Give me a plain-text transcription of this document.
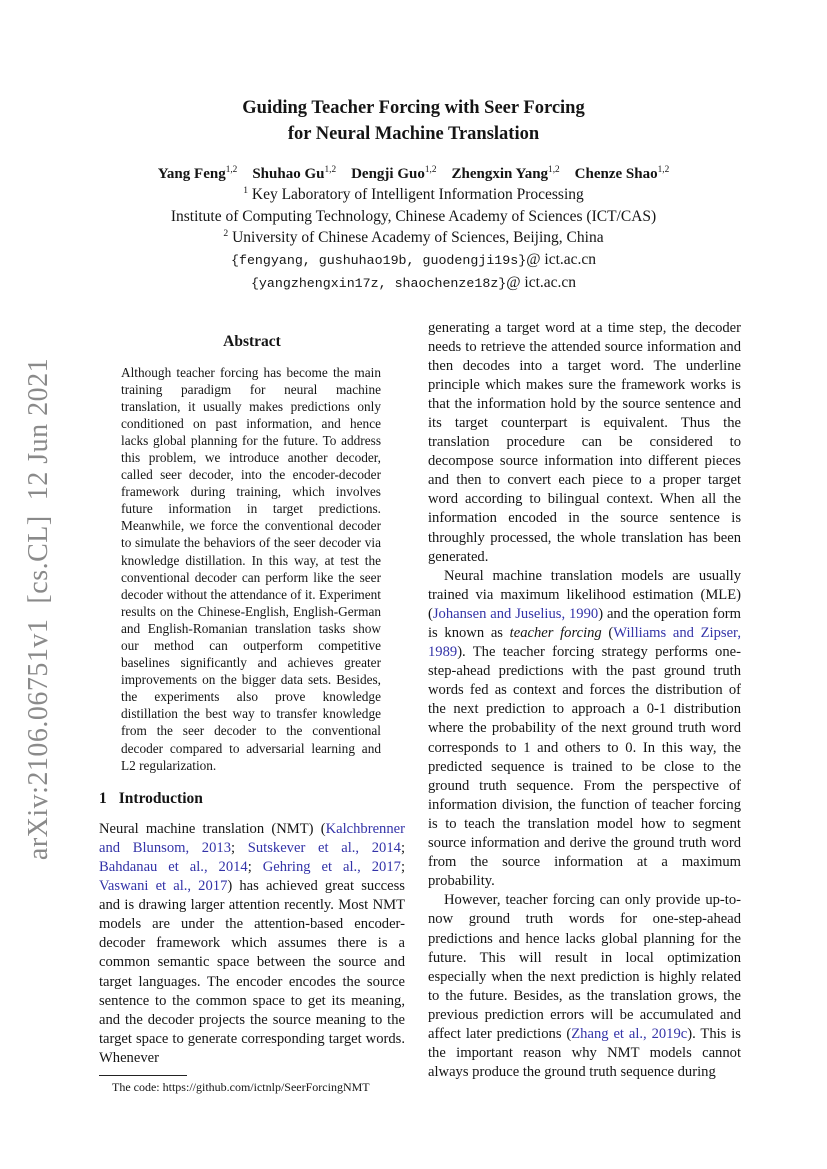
arXiv:2106.06751v1  [cs.CL]  12 Jun 2021
Guiding Teacher Forcing with Seer Forcing
for Neural Machine Translation
Yang Feng$^{1,2}$ Shuhao Gu$^{1,2}$ Dengji Guo$^{1,2}$ Zhengxin Yang$^{1,2}$ Chenze Shao$^{1,2}$
$^1$ Key Laboratory of Intelligent Information Processing
Institute of Computing Technology, Chinese Academy of Sciences (ICT/CAS)
$^2$ University of Chinese Academy of Sciences, Beijing, China
{fengyang, gushuhao19b, guodengji19s}@ ict.ac.cn
{yangzhengxin17z, shaochenze18z}@ ict.ac.cn
Abstract
Although teacher forcing has become the main training paradigm for neural machine translation, it usually makes predictions only conditioned on past information, and hence lacks global planning for the future. To address this problem, we introduce another decoder, called seer decoder, into the encoder-decoder framework during training, which involves future information in target predictions. Meanwhile, we force the conventional decoder to simulate the behaviors of the seer decoder via knowledge distillation. In this way, at test the conventional decoder can perform like the seer decoder without the attendance of it. Experiment results on the Chinese-English, English-German and English-Romanian translation tasks show our method can outperform competitive baselines significantly and achieves greater improvements on the bigger data sets. Besides, the experiments also prove knowledge distillation the best way to transfer knowledge from the seer decoder to the conventional decoder compared to adversarial learning and L2 regularization.
1 Introduction

Neural machine translation (NMT) (Kalchbrenner and Blunsom, 2013; Sutskever et al., 2014; Bahdanau et al., 2014; Gehring et al., 2017; Vaswani et al., 2017) has achieved great success and is drawing larger attention recently. Most NMT models are under the attention-based encoder-decoder framework which assumes there is a common semantic space between the source and target languages. The encoder encodes the source sentence to the common space to get its meaning, and the decoder projects the source meaning to the target space to generate corresponding target words. Whenever

The code: https://github.com/ictnlp/SeerForcingNMT

generating a target word at a time step, the decoder needs to retrieve the attended source information and then decodes into a target word. The underline principle which makes sure the framework works is that the information hold by the source sentence and its target counterpart is equivalent. Thus the translation procedure can be considered to decompose source information into different pieces and then to convert each piece to a proper target word according to bilingual context. When all the information encoded in the source sentence is throughly processed, the whole translation has been generated.

Neural machine translation models are usually trained via maximum likelihood estimation (MLE) (Johansen and Juselius, 1990) and the operation form is known as teacher forcing (Williams and Zipser, 1989). The teacher forcing strategy performs one-step-ahead predictions with the past ground truth words fed as context and forces the distribution of the next prediction to approach a 0-1 distribution where the probability of the next ground truth word corresponds to 1 and others to 0. In this way, the predicted sequence is trained to be close to the ground truth sequence. From the perspective of information division, the function of teacher forcing is to teach the translation model how to segment source information and derive the ground truth word from the source information at a maximum probability.

However, teacher forcing can only provide up-to-now ground truth words for one-step-ahead predictions and hence lacks global planning for the future. This will result in local optimization especially when the next prediction is highly related to the future. Besides, as the translation grows, the previous prediction errors will be accumulated and affect later predictions (Zhang et al., 2019c). This is the important reason why NMT models cannot always produce the ground truth sequence during
